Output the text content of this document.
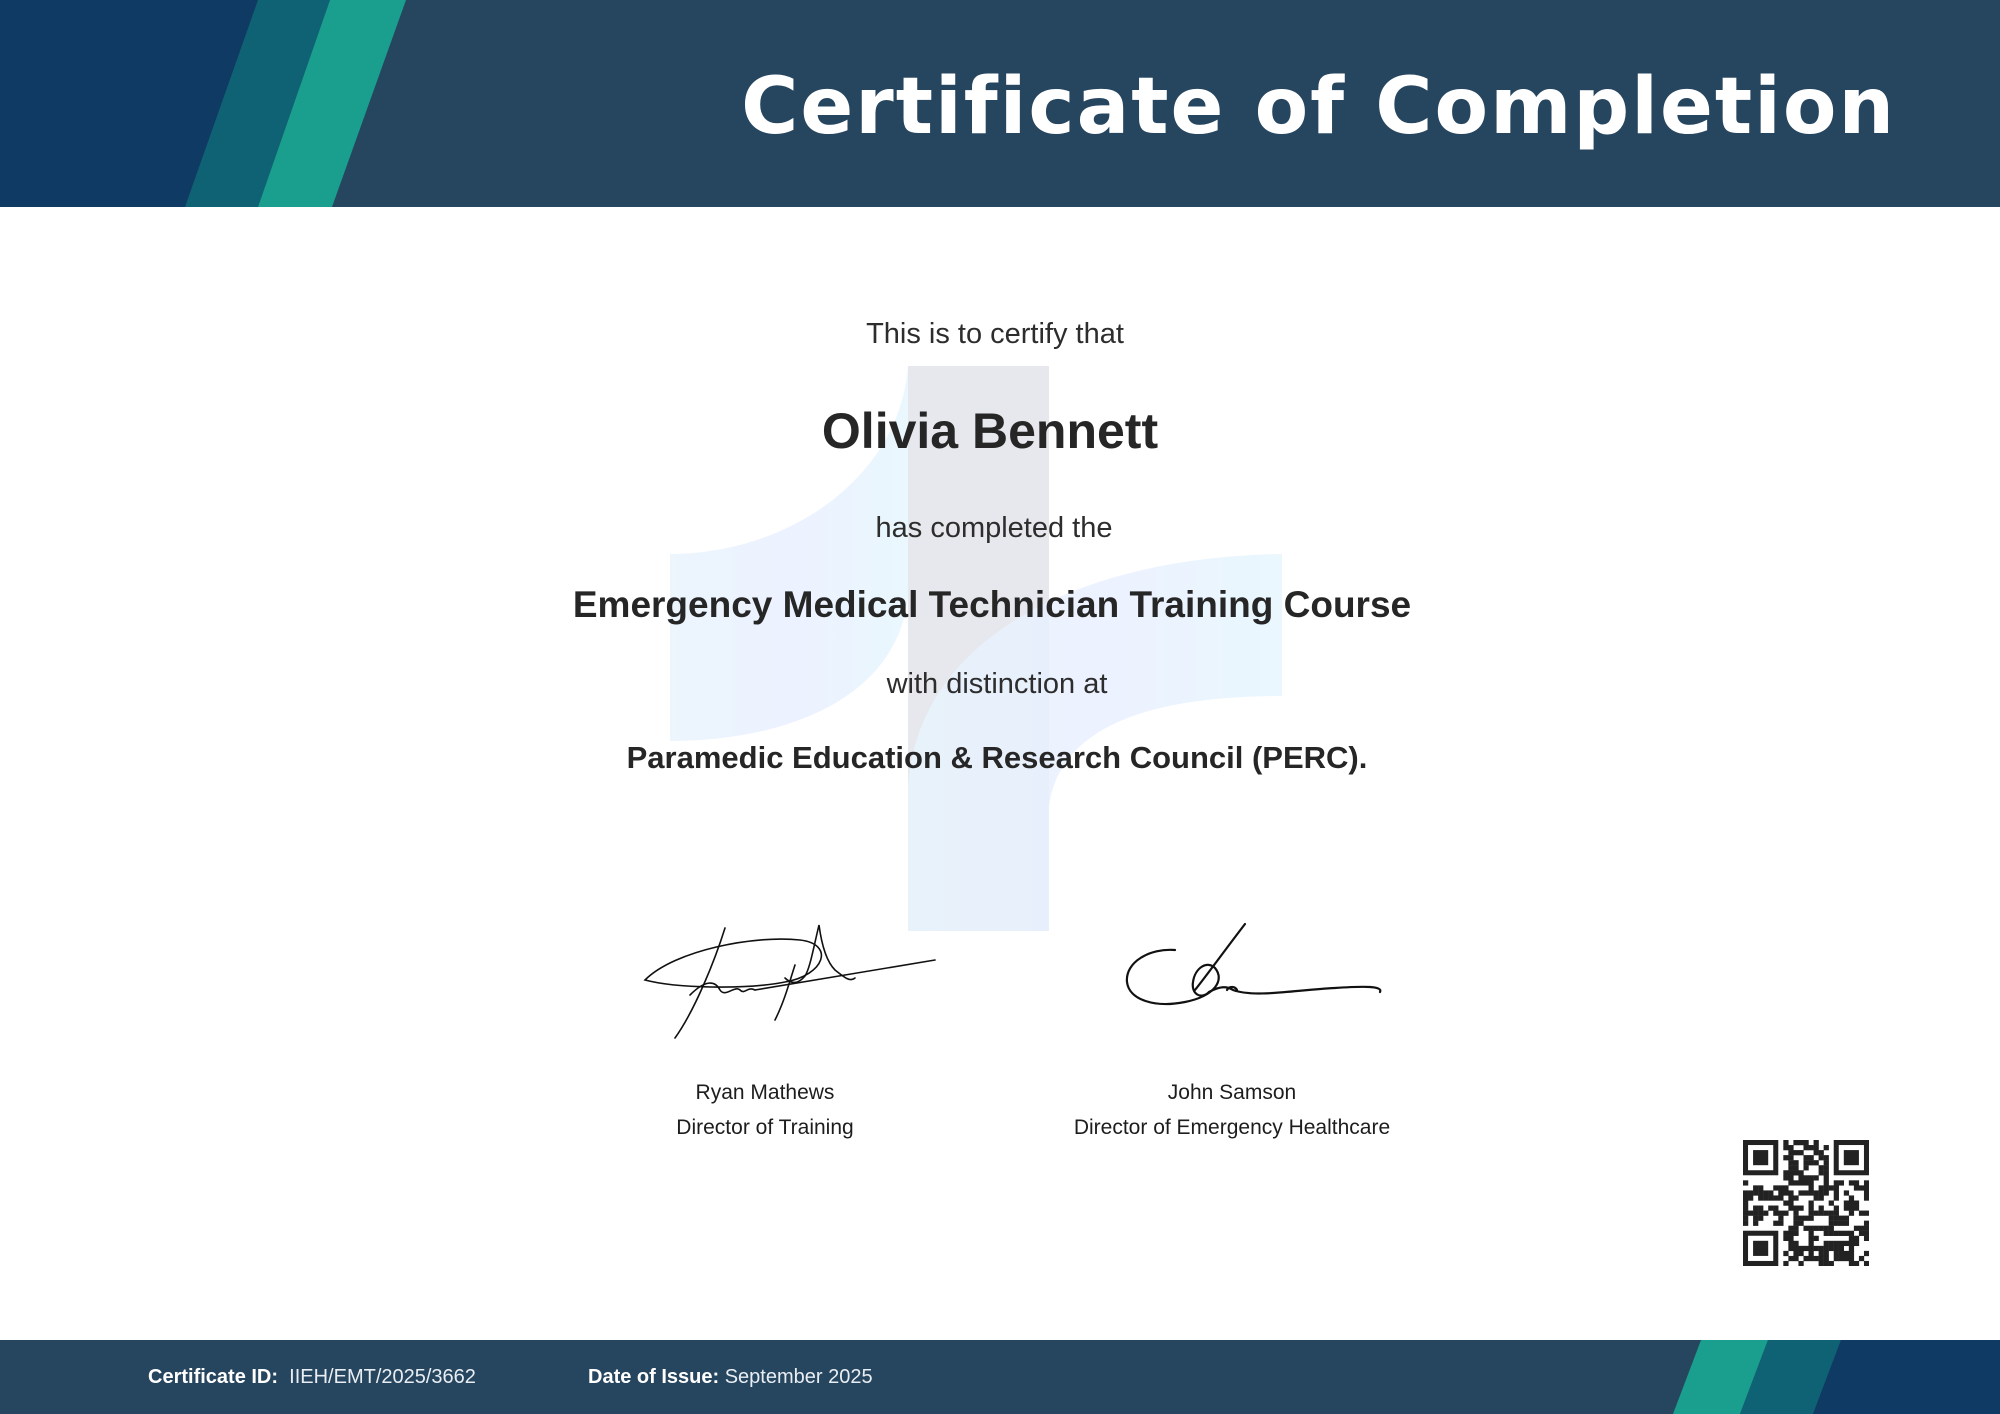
Certificate of Completion
This is to certify that
Olivia Bennett
has completed the
Emergency Medical Technician Training Course
with distinction at
Paramedic Education & Research Council (PERC).
Ryan Mathews
Director of Training
John Samson
Director of Emergency Healthcare
Certificate ID: IIEH/EMT/2025/3662	Date of Issue: September 2025
